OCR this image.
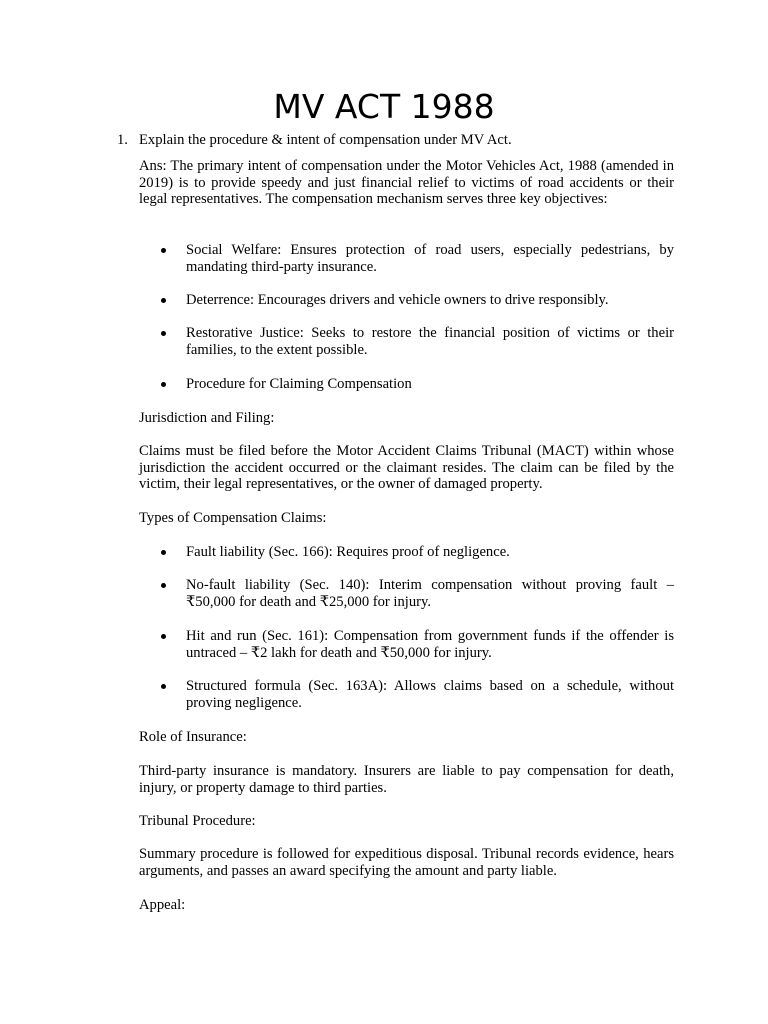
MV ACT 1988
1. Explain the procedure & intent of compensation under MV Act.
Ans: The primary intent of compensation under the Motor Vehicles Act, 1988 (amended in 2019) is to provide speedy and just financial relief to victims of road accidents or their legal representatives. The compensation mechanism serves three key objectives:
Social Welfare: Ensures protection of road users, especially pedestrians, by mandating third-party insurance.
Deterrence: Encourages drivers and vehicle owners to drive responsibly.
Restorative Justice: Seeks to restore the financial position of victims or their families, to the extent possible.
Procedure for Claiming Compensation
Jurisdiction and Filing:
Claims must be filed before the Motor Accident Claims Tribunal (MACT) within whose jurisdiction the accident occurred or the claimant resides. The claim can be filed by the victim, their legal representatives, or the owner of damaged property.
Types of Compensation Claims:
Fault liability (Sec. 166): Requires proof of negligence.
No-fault liability (Sec. 140): Interim compensation without proving fault – ₹50,000 for death and ₹25,000 for injury.
Hit and run (Sec. 161): Compensation from government funds if the offender is untraced – ₹2 lakh for death and ₹50,000 for injury.
Structured formula (Sec. 163A): Allows claims based on a schedule, without proving negligence.
Role of Insurance:
Third-party insurance is mandatory. Insurers are liable to pay compensation for death, injury, or property damage to third parties.
Tribunal Procedure:
Summary procedure is followed for expeditious disposal. Tribunal records evidence, hears arguments, and passes an award specifying the amount and party liable.
Appeal:
